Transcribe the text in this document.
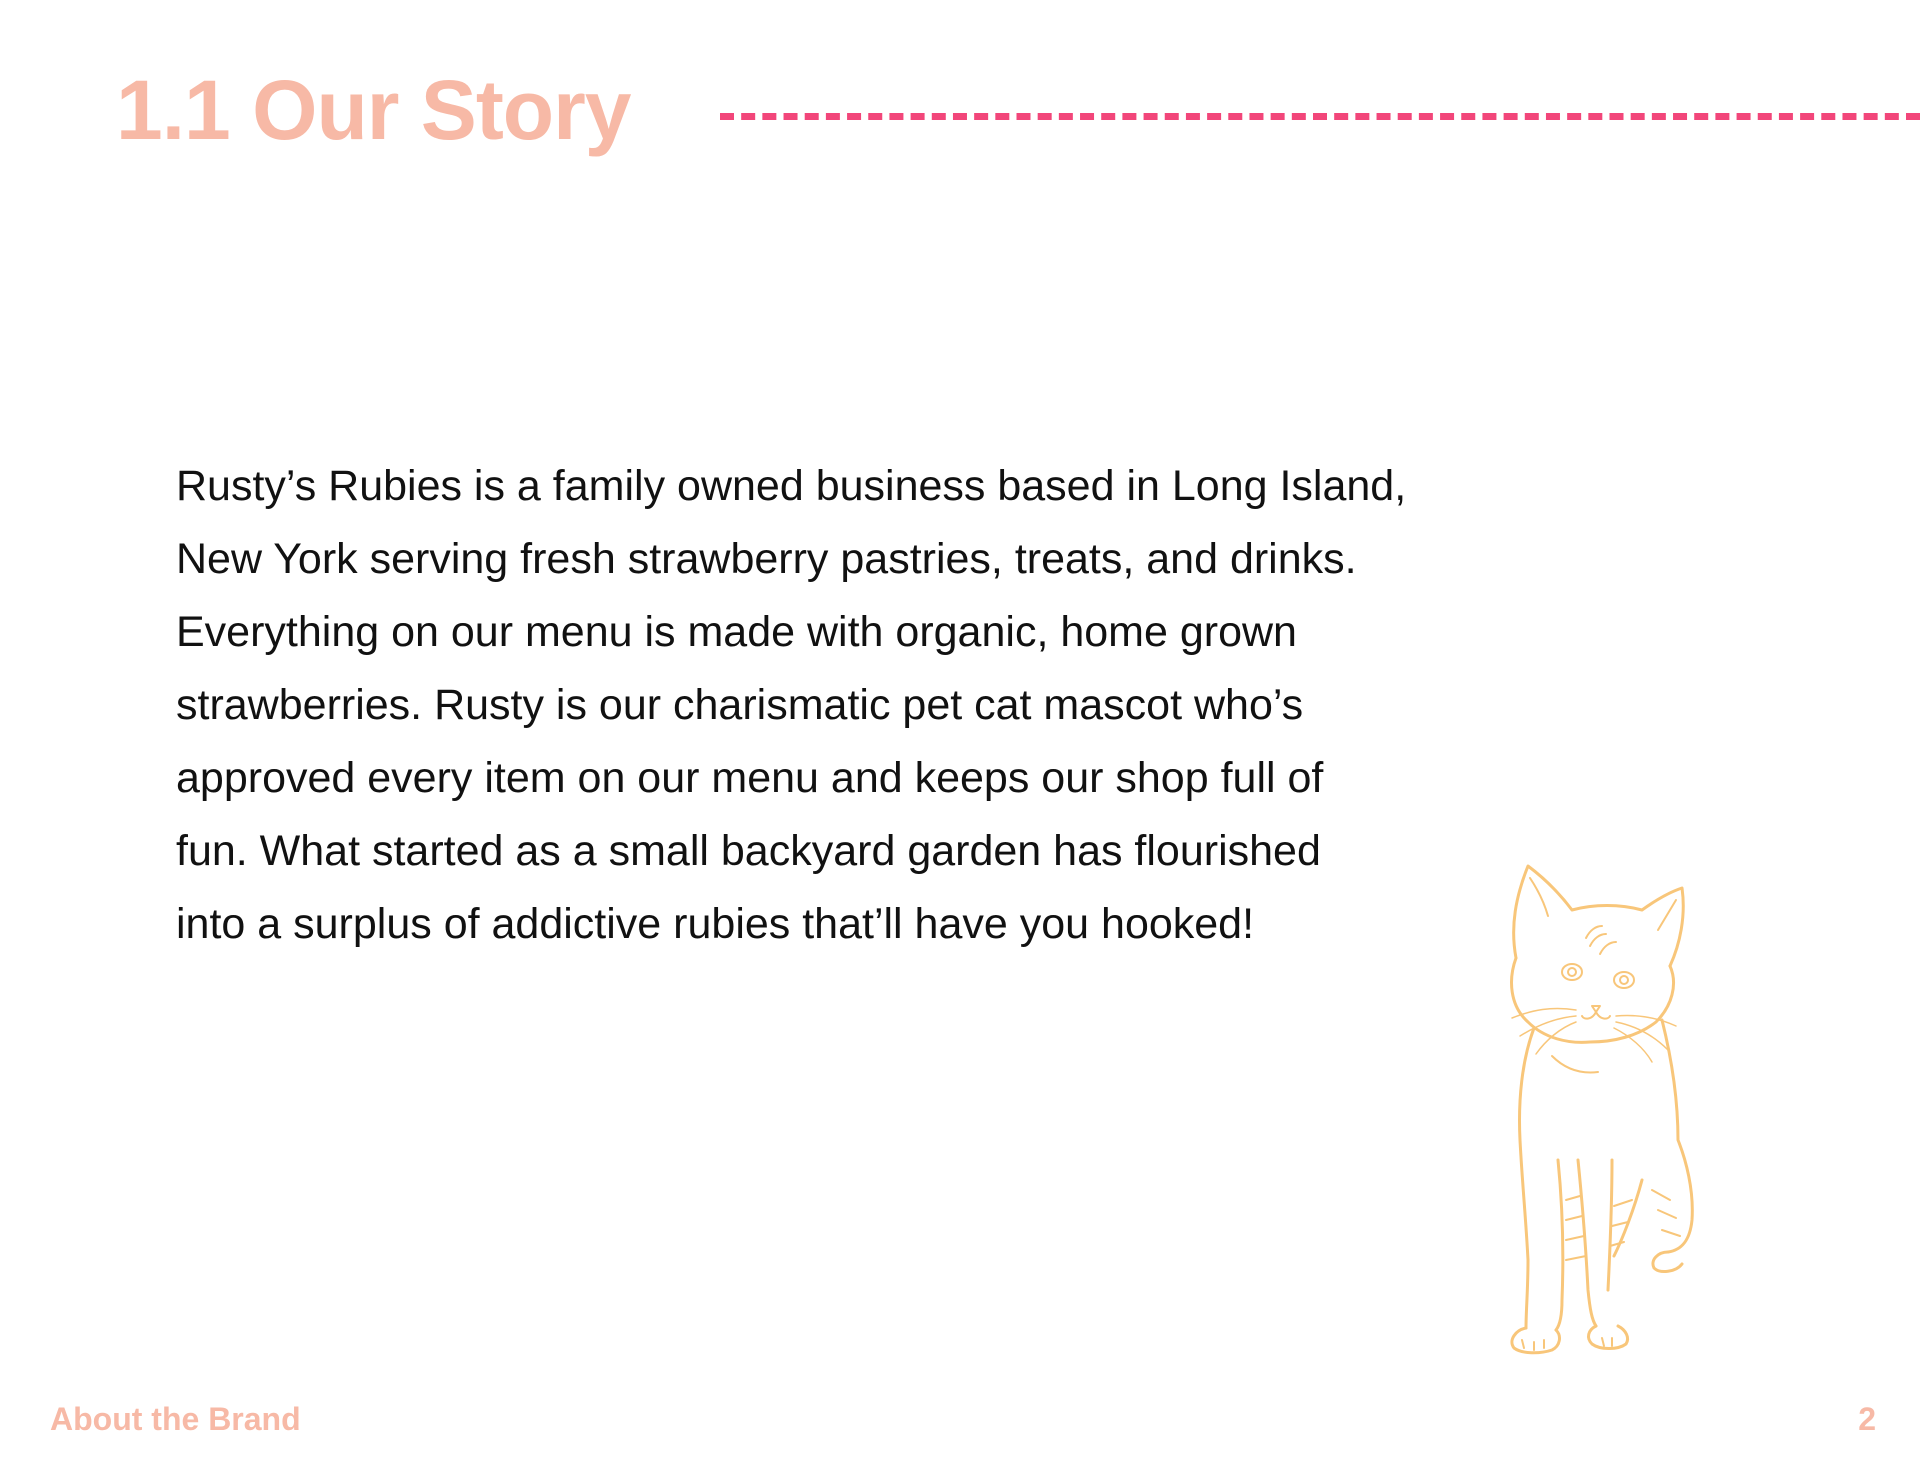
1.1 Our Story

Rusty’s Rubies is a family owned business based in Long Island,
New York serving fresh strawberry pastries, treats, and drinks.
Everything on our menu is made with organic, home grown
strawberries. Rusty is our charismatic pet cat mascot who’s
approved every item on our menu and keeps our shop full of
fun. What started as a small backyard garden has flourished
into a surplus of addictive rubies that’ll have you hooked!

About the Brand	2
